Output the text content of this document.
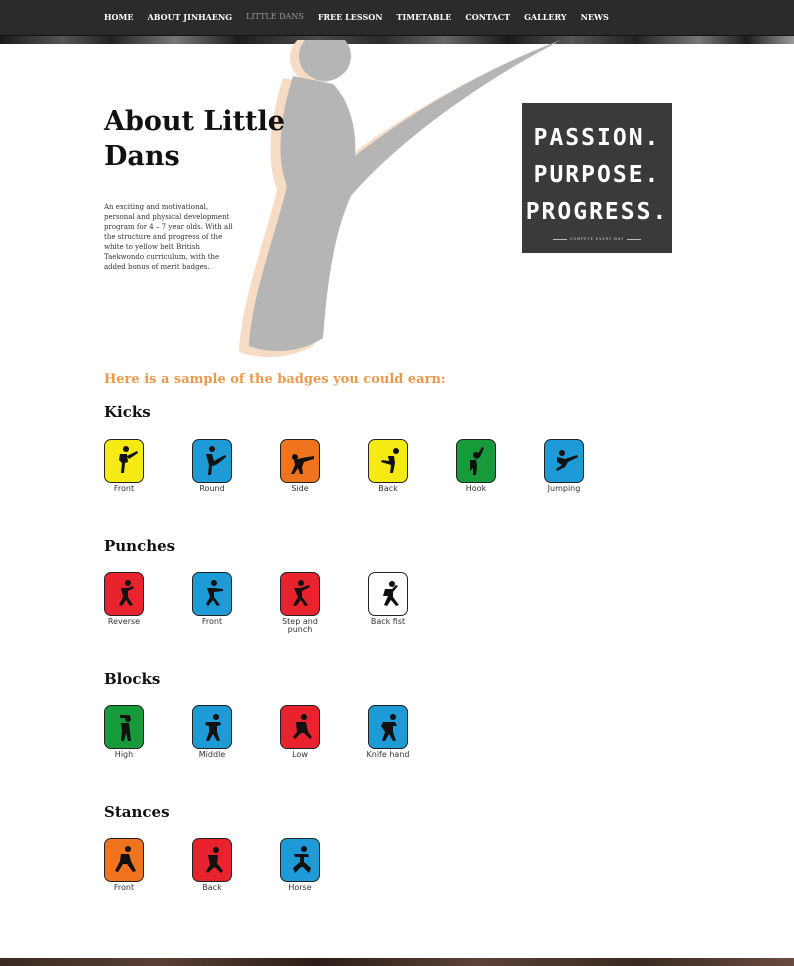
HOME ABOUT JINHAENG LITTLE DANS FREE LESSON TIMETABLE CONTACT GALLERY NEWS
About Little Dans

An exciting and motivational, personal and physical development program for 4 – 7 year olds. With all the structure and progress of the white to yellow belt British Taekwondo curriculum, with the added bonus of merit badges.

PASSION.
PURPOSE.
PROGRESS.
COMPETE EVERY DAY
Here is a sample of the badges you could earn:
Kicks
Front	Round	Side	Back	Hook	Jumping
Punches
Reverse	Front	Step and punch
Back fist
Blocks
High	Middle	Low	Knife hand
Stances
Front	Back	Horse
